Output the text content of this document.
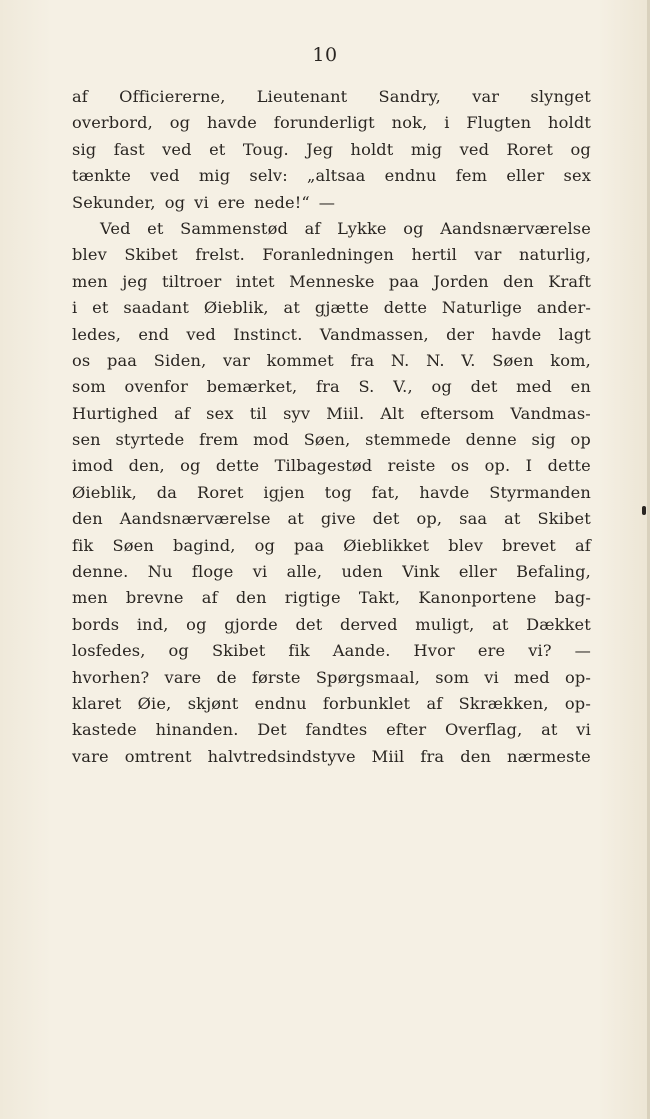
10
af Officiererne, Lieutenant Sandry, var slynget
overbord, og havde forunderligt nok, i Flugten holdt
sig fast ved et Toug. Jeg holdt mig ved Roret og
tænkte ved mig selv: „altsaa endnu fem eller sex
Sekunder, og vi ere nede!“ —
Ved et Sammenstød af Lykke og Aandsnærværelse
blev Skibet frelst. Foranledningen hertil var naturlig,
men jeg tiltroer intet Menneske paa Jorden den Kraft
i et saadant Øieblik, at gjætte dette Naturlige ander-
ledes, end ved Instinct. Vandmassen, der havde lagt
os paa Siden, var kommet fra N. N. V. Søen kom,
som ovenfor bemærket, fra S. V., og det med en
Hurtighed af sex til syv Miil. Alt eftersom Vandmas-
sen styrtede frem mod Søen, stemmede denne sig op
imod den, og dette Tilbagestød reiste os op. I dette
Øieblik, da Roret igjen tog fat, havde Styrmanden
den Aandsnærværelse at give det op, saa at Skibet
fik Søen bagind, og paa Øieblikket blev brevet af
denne. Nu floge vi alle, uden Vink eller Befaling,
men brevne af den rigtige Takt, Kanonportene bag-
bords ind, og gjorde det derved muligt, at Dækket
losfedes, og Skibet fik Aande. Hvor ere vi? —
hvorhen? vare de første Spørgsmaal, som vi med op-
klaret Øie, skjønt endnu forbunklet af Skrækken, op-
kastede hinanden. Det fandtes efter Overflag, at vi
vare omtrent halvtredsindstyve Miil fra den nærmeste
